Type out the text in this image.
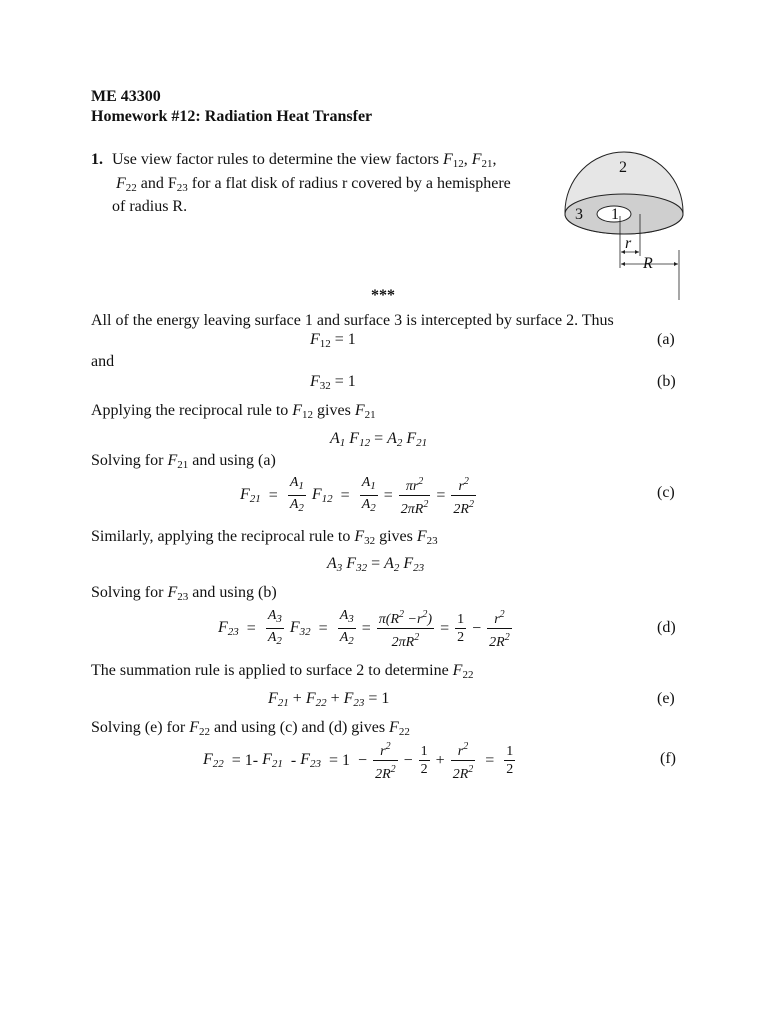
ME 43300
Homework #12: Radiation Heat Transfer
1. Use view factor rules to determine the view factors $F_{12}$, $F_{21}$,
$F_{22}$ and $F_{23}$ for a flat disk of radius r covered by a hemisphere
of radius R.
2
3 1
r
R
***
All of the energy leaving surface 1 and surface 3 is intercepted by surface 2. Thus
$F_{12} = 1$	(a)
and
$F_{32} = 1$	(b)
Applying the reciprocal rule to $F_{12}$ gives $F_{21}$
$A_1$ $F_{12} = A_2$ $F_{21}$
Solving for $F_{21}$ and using (a)
$F_{21} = \frac{A_1}{A_2} F_{12} = \frac{A_1}{A_2} = \frac{\pi r^2}{2\pi R^2} = \frac{r^2}{2R^2}$	(c)
Similarly, applying the reciprocal rule to $F_{32}$ gives $F_{23}$
$A_3$ $F_{32} = A_2$ $F_{23}$
Solving for $F_{23}$ and using (b)
$F_{23} = \frac{A_3}{A_2} F_{32} = \frac{A_3}{A_2} = \frac{\pi(R^2 -r^2)}{2\pi R^2} = \frac{1}{2} - \frac{r^2}{2R^2}$	(d)
The summation rule is applied to surface 2 to determine $F_{22}$
$F_{21} + F_{22} + F_{23} = 1$	(e)
Solving (e) for $F_{22}$ and using (c) and (d) gives $F_{22}$
$F_{22} = 1-$ $F_{21} - F_{23} = 1 - \frac{r^2}{2R^2} - \frac{1}{2} + \frac{r^2}{2R^2} = \frac{1}{2}$	(f)
